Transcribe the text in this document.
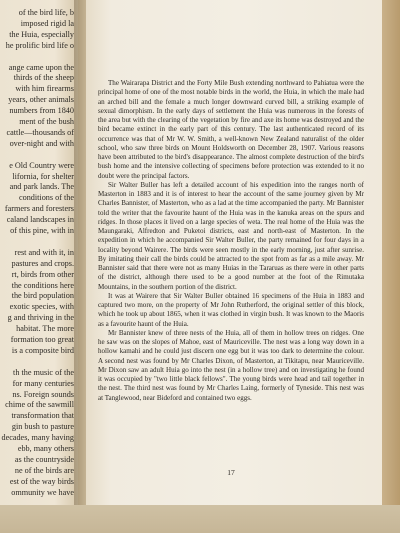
of the bird life, b
imposed rigid la
the Huia, especially
he prolific bird life o
ange came upon the
thirds of the sheep
with him firearms
years, other animals
numbers from 1840
ment of the bush
cattle—thousands of
over-night and with
e Old Country were
lifornia, for shelter
and park lands. The
conditions of the
farmers and foresters
caland landscapes in
of this pine, with in
rest and with it, in
pastures and crops.
rt, birds from other
the conditions here
the bird population
exotic species, with
g and thriving in the
habitat. The more
formation too great
is a composite bird
th the music of the
for many centuries
ns. Foreign sounds
chime of the sawmill
transformation that
gin bush to pasture
decades, many having
ebb, many others
as the countryside
ne of the birds are
est of the way birds
ommunity we have

The Wairarapa District and the Forty Mile Bush extending northward to Pahiatua were the principal home of one of the most notable birds in the world, the Huia, in which the male had an arched bill and the female a much longer downward curved bill, a striking example of sexual dimorphism. In the early days of settlement the Huia was numerous in the forests of the area but with the clearing of the vegetation by fire and axe its home was destroyed and the bird became extinct in the early part of this century. The last authenticated record of its occurrence was that of Mr W. W. Smith, a well-known New Zealand naturalist of the older school, who saw three birds on Mount Holdsworth on December 28, 1907. Various reasons have been attributed to the bird's disappearance. The almost complete destruction of the bird's bush home and the intensive collecting of specimens before protection was extended to it no doubt were the principal factors.

Sir Walter Buller has left a detailed account of his expedition into the ranges north of Masterton in 1883 and it is of interest to hear the account of the same journey given by Mr Charles Bannister, of Masterton, who as a lad at the time accompanied the party. Mr Bannister told the writer that the favourite haunt of the Huia was in the kanuka areas on the spurs and ridges. In those places it lived on a large species of weta. The real home of the Huia was the Maungaraki, Alfredton and Puketoi districts, east and north-east of Masterton. In the expedition in which he accompanied Sir Walter Buller, the party remained for four days in a locality beyond Wairere. The birds were seen mostly in the early morning, just after sunrise. By imitating their call the birds could be attracted to the spot from as far as a mile away. Mr Bannister said that there were not as many Huias in the Tararuas as there were in other parts of the district, although there used to be a good number at the foot of the Rimutaka Mountains, in the southern portion of the district.

It was at Wairere that Sir Walter Buller obtained 16 specimens of the Huia in 1883 and captured two more, on the property of Mr John Rutherford, the original settler of this block, which he took up about 1865, when it was clothed in virgin bush. It was known to the Maoris as a favourite haunt of the Huia.

Mr Bannister knew of three nests of the Huia, all of them in hollow trees on ridges. One he saw was on the slopes of Mahoe, east of Mauriceville. The nest was a long way down in a hollow kamahi and he could just discern one egg but it was too dark to determine the colour. A second nest was found by Mr Charles Dixon, of Masterton, at Tikitapu, near Mauriceville. Mr Dixon saw an adult Huia go into the nest (in a hollow tree) and on investigating he found it was occupied by "two little black fellows". The young birds were head and tail together in the nest. The third nest was found by Mr Charles Laing, formerly of Tyneside. This nest was at Tanglewood, near Bideford and contained two eggs.

17
